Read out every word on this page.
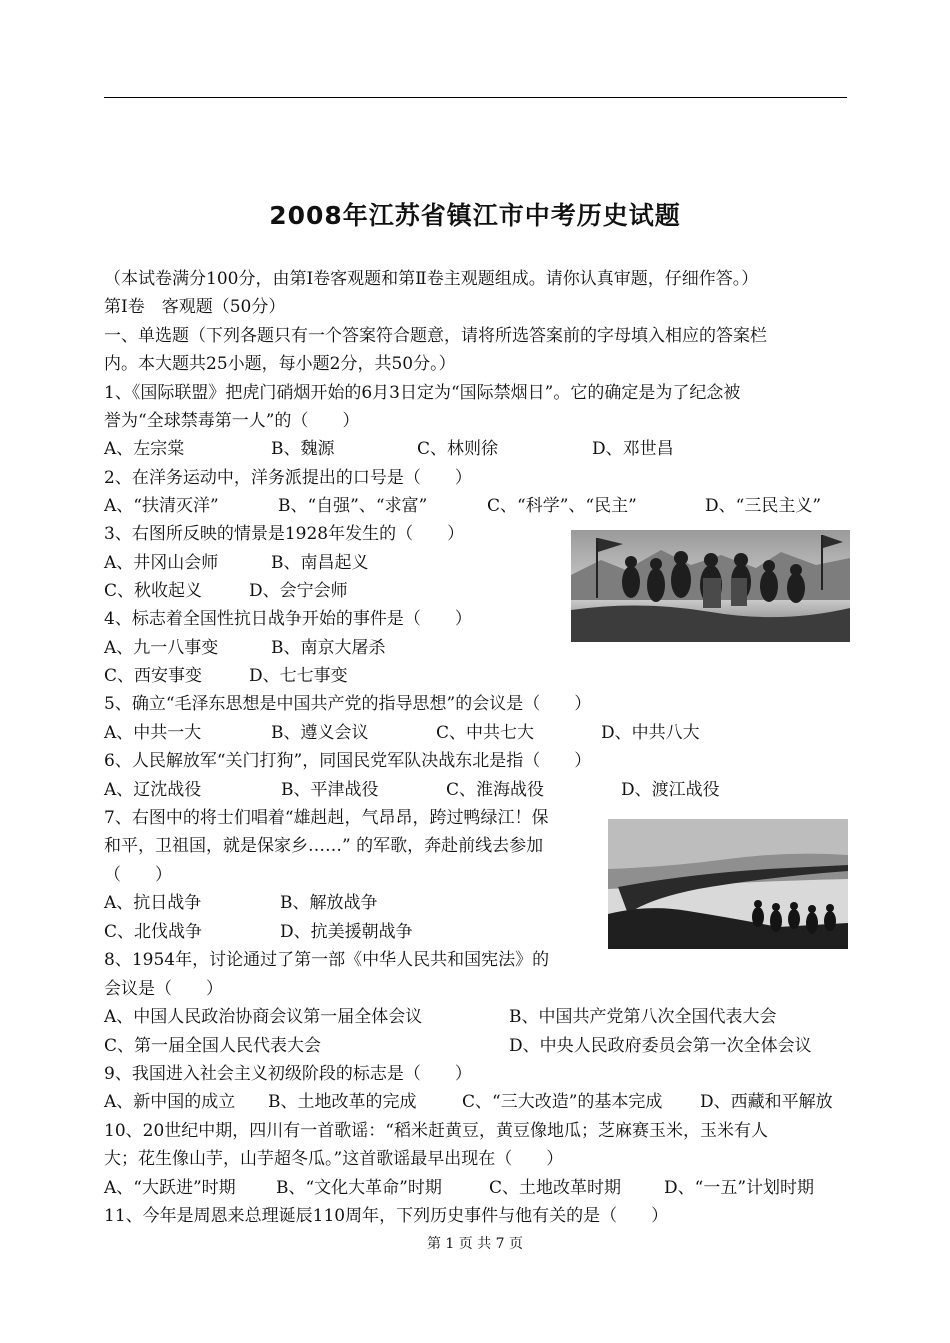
2008年江苏省镇江市中考历史试题
（本试卷满分100分，由第Ⅰ卷客观题和第Ⅱ卷主观题组成。请你认真审题，仔细作答。）
第Ⅰ卷　客观题（50分）
一、单选题（下列各题只有一个答案符合题意，请将所选答案前的字母填入相应的答案栏
内。本大题共25小题，每小题2分，共50分。）
1、《国际联盟》把虎门硝烟开始的6月3日定为“国际禁烟日”。它的确定是为了纪念被
誉为“全球禁毒第一人”的（　　）
A、左宗棠	B、魏源	C、林则徐	D、邓世昌
2、在洋务运动中，洋务派提出的口号是（　　）
A、“扶清灭洋”	B、“自强”、“求富”	C、“科学”、“民主”	D、“三民主义”
3、右图所反映的情景是1928年发生的（　　）
A、井冈山会师	B、南昌起义
C、秋收起义	D、会宁会师
4、标志着全国性抗日战争开始的事件是（　　）
A、九一八事变	B、南京大屠杀
C、西安事变	D、七七事变
5、确立“毛泽东思想是中国共产党的指导思想”的会议是（　　）
A、中共一大	B、遵义会议	C、中共七大	D、中共八大
6、人民解放军“关门打狗”，同国民党军队决战东北是指（　　）
A、辽沈战役	B、平津战役	C、淮海战役	D、渡江战役
7、右图中的将士们唱着“雄赳赳，气昂昂，跨过鸭绿江！保
和平，卫祖国，就是保家乡……” 的军歌，奔赴前线去参加
（　　）
A、抗日战争	B、解放战争
C、北伐战争	D、抗美援朝战争
8、1954年，讨论通过了第一部《中华人民共和国宪法》的
会议是（　　）
A、中国人民政治协商会议第一届全体会议	B、中国共产党第八次全国代表大会
C、第一届全国人民代表大会	D、中央人民政府委员会第一次全体会议
9、我国进入社会主义初级阶段的标志是（　　）
A、新中国的成立 B、土地改革的完成	C、“三大改造”的基本完成 D、西藏和平解放
10、20世纪中期，四川有一首歌谣：“稻米赶黄豆，黄豆像地瓜；芝麻赛玉米，玉米有人
大；花生像山芋，山芋超冬瓜。”这首歌谣最早出现在（　　）
A、“大跃进”时期 B、“文化大革命”时期	C、土地改革时期	D、“一五”计划时期
11、今年是周恩来总理诞辰110周年，下列历史事件与他有关的是（　　）
第 1 页 共 7 页
